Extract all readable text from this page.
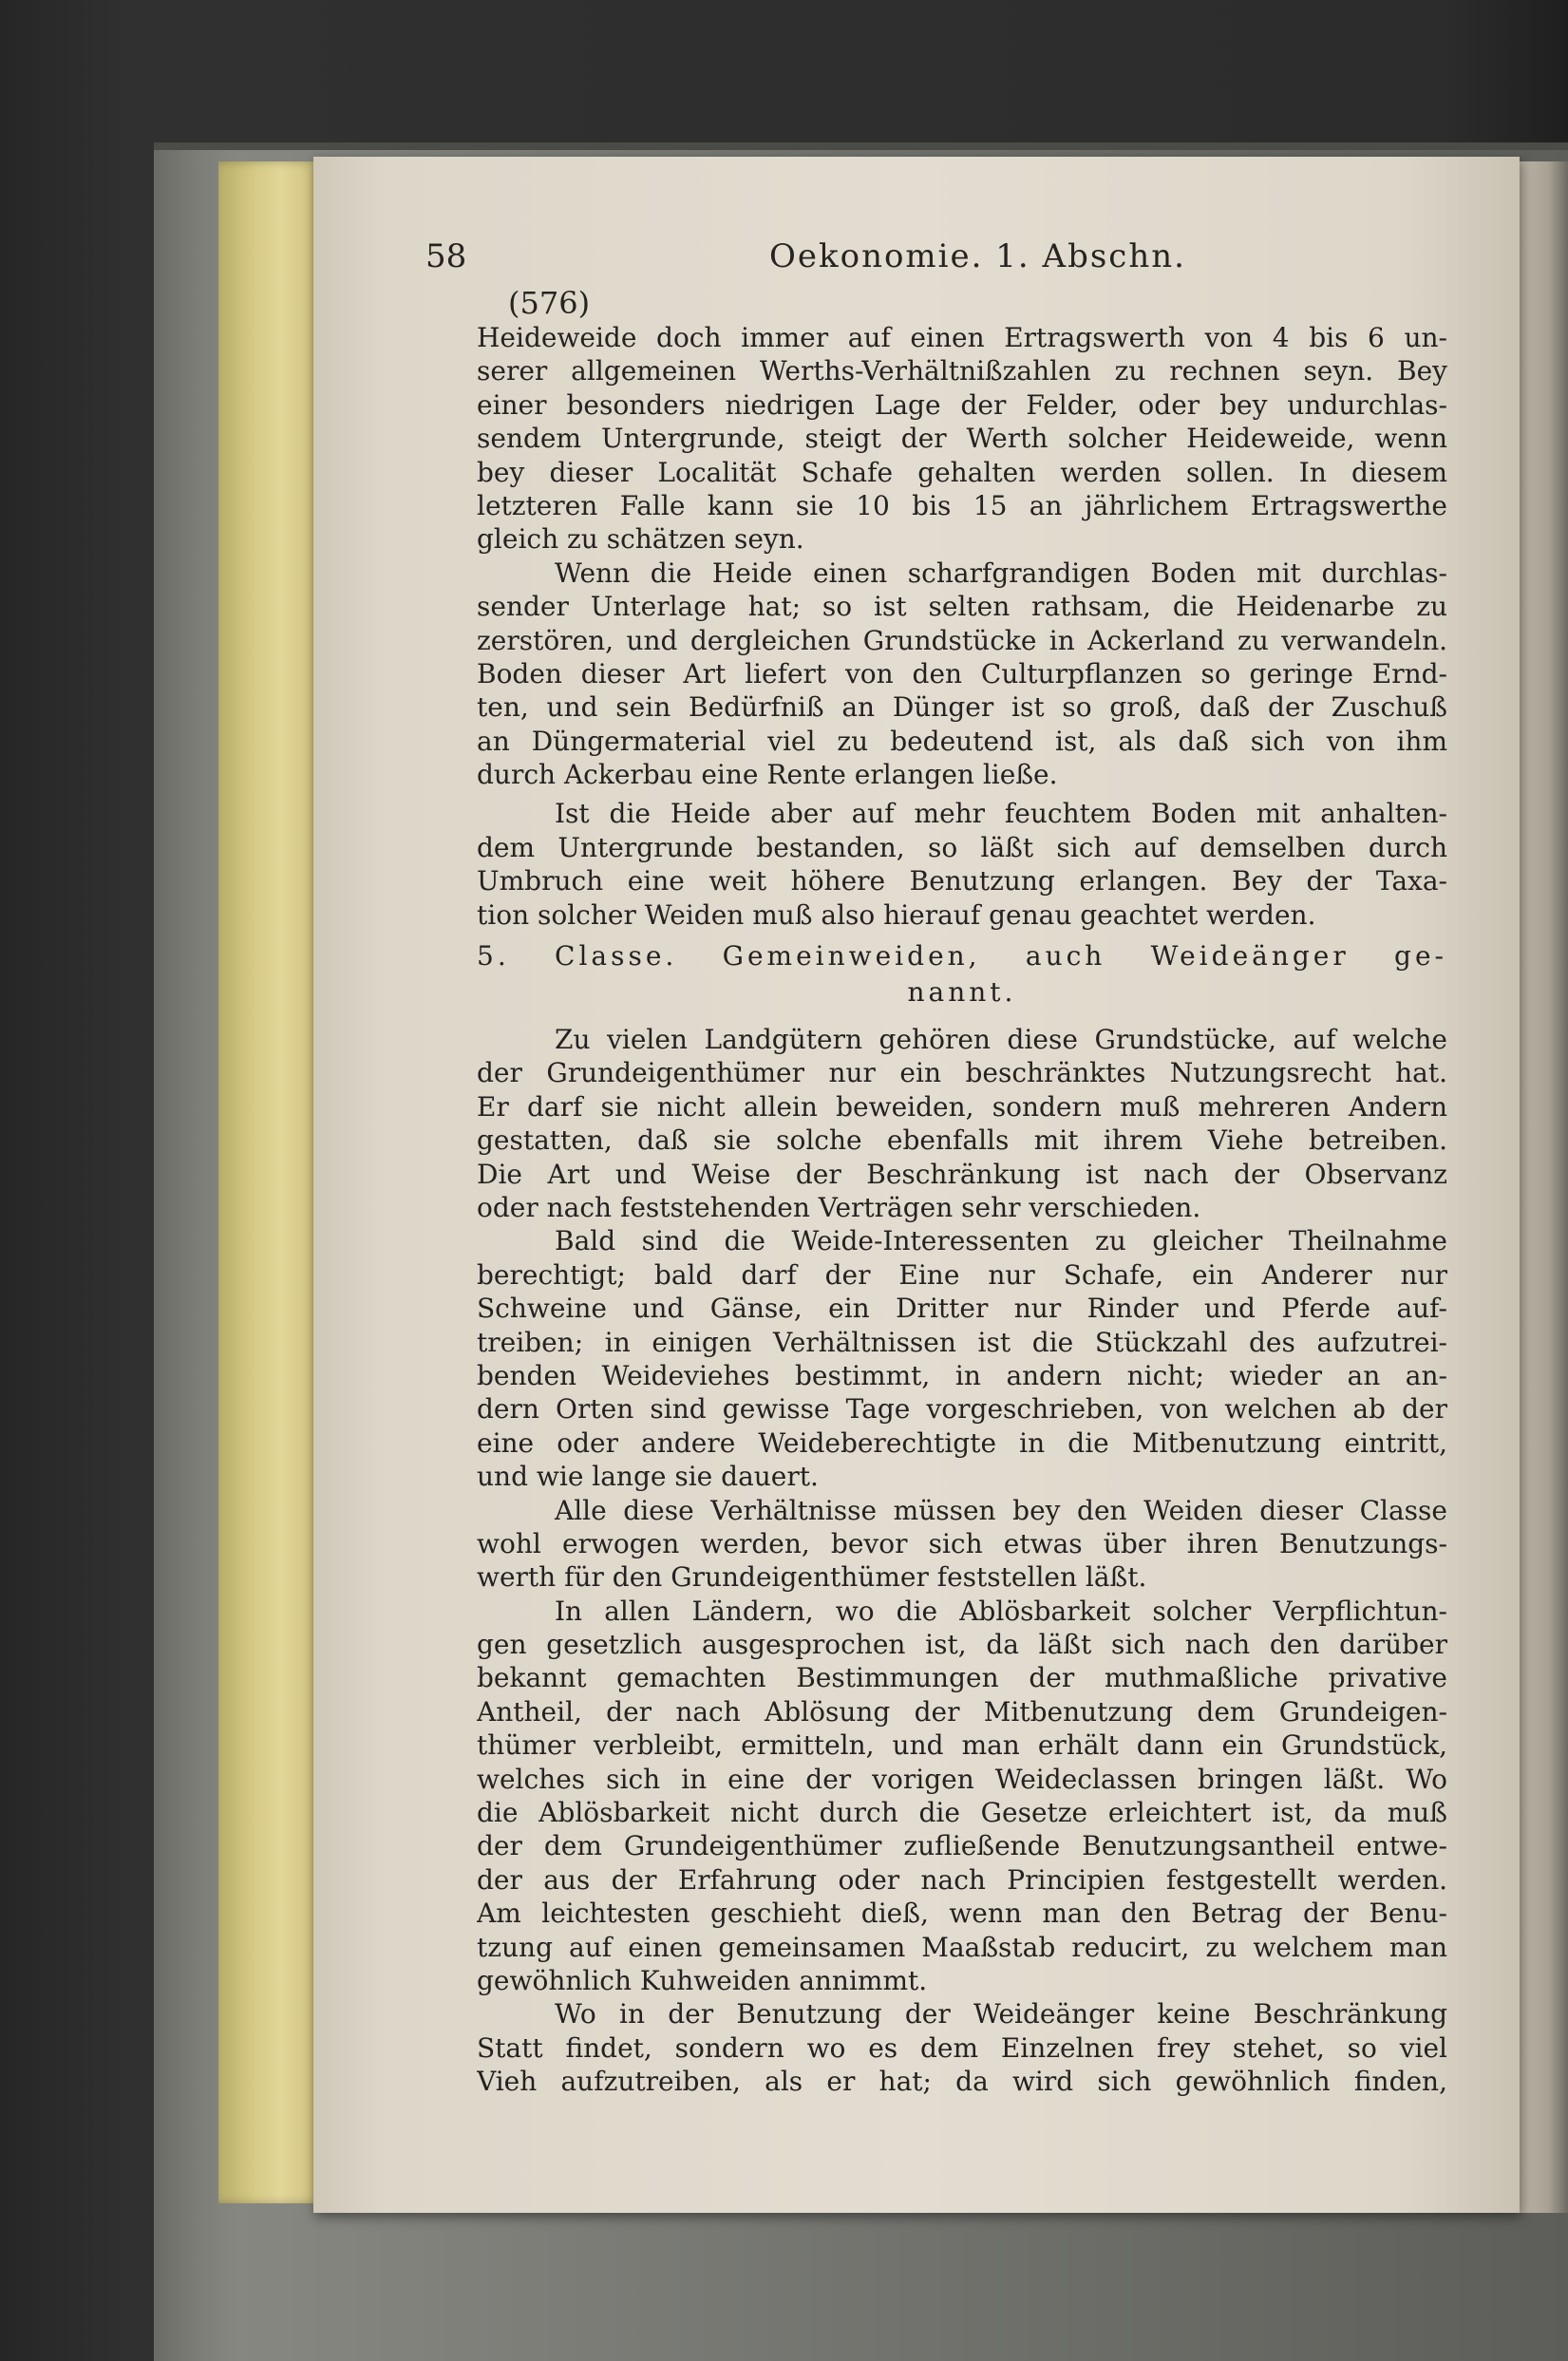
58	Oekonomie. 1. Abschn.
(576)
Heideweide doch immer auf einen Ertragswerth von 4 bis 6 un-
serer allgemeinen Werths-Verhältnißzahlen zu rechnen seyn. Bey
einer besonders niedrigen Lage der Felder, oder bey undurchlas-
sendem Untergrunde, steigt der Werth solcher Heideweide, wenn
bey dieser Localität Schafe gehalten werden sollen. In diesem
letzteren Falle kann sie 10 bis 15 an jährlichem Ertragswerthe
gleich zu schätzen seyn.
Wenn die Heide einen scharfgrandigen Boden mit durchlas-
sender Unterlage hat; so ist selten rathsam, die Heidenarbe zu
zerstören, und dergleichen Grundstücke in Ackerland zu verwandeln.
Boden dieser Art liefert von den Culturpflanzen so geringe Ernd-
ten, und sein Bedürfniß an Dünger ist so groß, daß der Zuschuß
an Düngermaterial viel zu bedeutend ist, als daß sich von ihm
durch Ackerbau eine Rente erlangen ließe.
Ist die Heide aber auf mehr feuchtem Boden mit anhalten-
dem Untergrunde bestanden, so läßt sich auf demselben durch
Umbruch eine weit höhere Benutzung erlangen. Bey der Taxa-
tion solcher Weiden muß also hierauf genau geachtet werden.
5. Classe. Gemeinweiden, auch Weideänger ge-
nannt.
Zu vielen Landgütern gehören diese Grundstücke, auf welche
der Grundeigenthümer nur ein beschränktes Nutzungsrecht hat.
Er darf sie nicht allein beweiden, sondern muß mehreren Andern
gestatten, daß sie solche ebenfalls mit ihrem Viehe betreiben.
Die Art und Weise der Beschränkung ist nach der Observanz
oder nach feststehenden Verträgen sehr verschieden.
Bald sind die Weide-Interessenten zu gleicher Theilnahme
berechtigt; bald darf der Eine nur Schafe, ein Anderer nur
Schweine und Gänse, ein Dritter nur Rinder und Pferde auf-
treiben; in einigen Verhältnissen ist die Stückzahl des aufzutrei-
benden Weideviehes bestimmt, in andern nicht; wieder an an-
dern Orten sind gewisse Tage vorgeschrieben, von welchen ab der
eine oder andere Weideberechtigte in die Mitbenutzung eintritt,
und wie lange sie dauert.
Alle diese Verhältnisse müssen bey den Weiden dieser Classe
wohl erwogen werden, bevor sich etwas über ihren Benutzungs-
werth für den Grundeigenthümer feststellen läßt.
In allen Ländern, wo die Ablösbarkeit solcher Verpflichtun-
gen gesetzlich ausgesprochen ist, da läßt sich nach den darüber
bekannt gemachten Bestimmungen der muthmaßliche privative
Antheil, der nach Ablösung der Mitbenutzung dem Grundeigen-
thümer verbleibt, ermitteln, und man erhält dann ein Grundstück,
welches sich in eine der vorigen Weideclassen bringen läßt. Wo
die Ablösbarkeit nicht durch die Gesetze erleichtert ist, da muß
der dem Grundeigenthümer zufließende Benutzungsantheil entwe-
der aus der Erfahrung oder nach Principien festgestellt werden.
Am leichtesten geschieht dieß, wenn man den Betrag der Benu-
tzung auf einen gemeinsamen Maaßstab reducirt, zu welchem man
gewöhnlich Kuhweiden annimmt.
Wo in der Benutzung der Weideänger keine Beschränkung
Statt findet, sondern wo es dem Einzelnen frey stehet, so viel
Vieh aufzutreiben, als er hat; da wird sich gewöhnlich finden,
